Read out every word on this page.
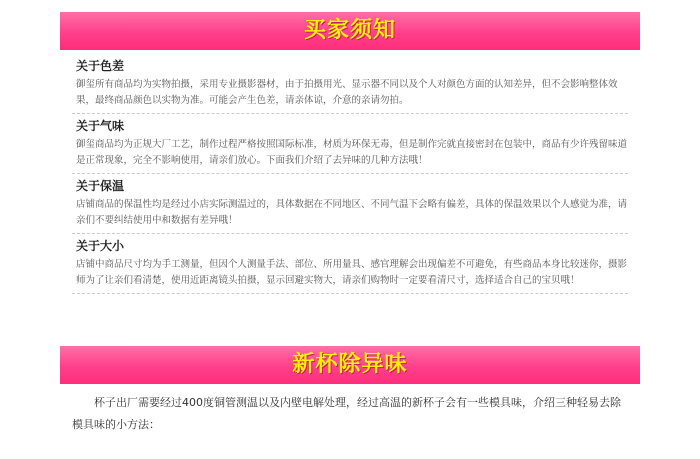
买家须知
关于色差

御玺所有商品均为实物拍摄，采用专业摄影器材，由于拍摄用光、显示器不同以及个人对颜色方面的认知差异，但不会影响整体效果，最终商品颜色以实物为准。可能会产生色差，请亲体谅，介意的亲请勿拍。

关于气味

御玺商品均为正规大厂工艺，制作过程严格按照国际标准，材质为环保无毒，但是制作完就直接密封在包装中，商品有少许残留味道是正常现象，完全不影响使用，请亲们放心。下面我们介绍了去异味的几种方法哦！

关于保温

店铺商品的保温性均是经过小店实际测温过的，具体数据在不同地区、不同气温下会略有偏差，具体的保温效果以个人感觉为准，请亲们不要纠结使用中和数据有差异哦！

关于大小

店铺中商品尺寸均为手工测量，但因个人测量手法、部位、所用量具、感官理解会出现偏差不可避免，有些商品本身比较迷你，摄影师为了让亲们看清楚，使用近距离镜头拍摄，显示回避实物大，请亲们购物时一定要看清尺寸，选择适合自己的宝贝哦！

新杯除异味

杯子出厂需要经过400度铜管测温以及内壁电解处理，经过高温的新杯子会有一些模具味，介绍三种轻易去除模具味的小方法：
